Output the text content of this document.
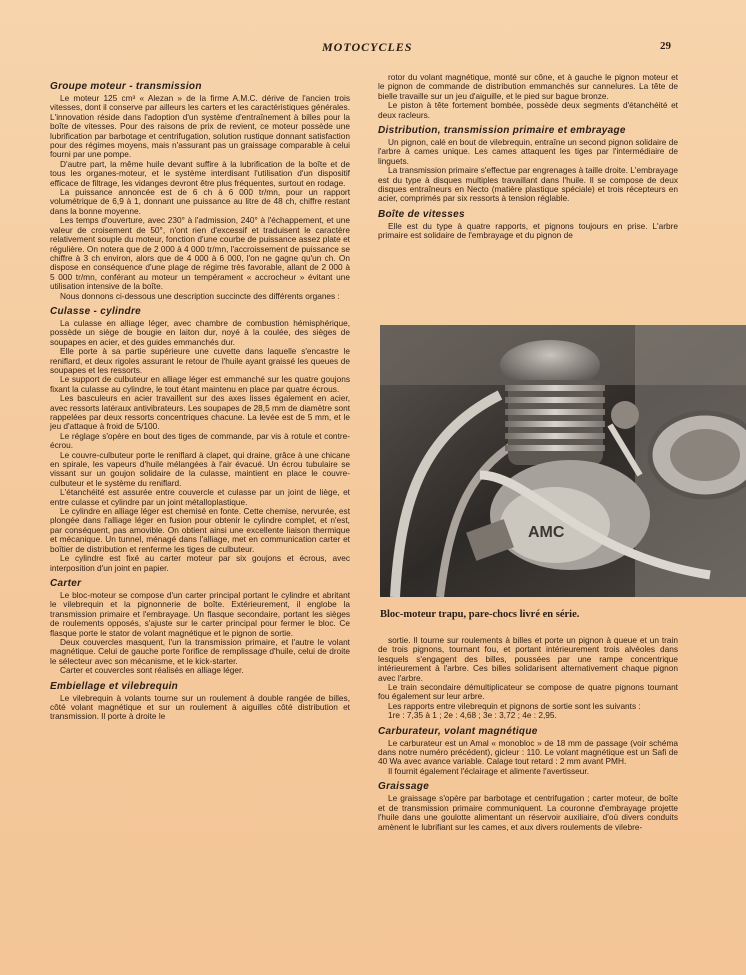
MOTOCYCLES	29
Groupe moteur - transmission

Le moteur 125 cm³ « Alezan » de la firme A.M.C. dérive de l'ancien trois vitesses, dont il conserve par ailleurs les carters et les caractéristiques générales. L'innovation réside dans l'adoption d'un système d'entraînement à billes pour la boîte de vitesses. Pour des raisons de prix de revient, ce moteur possède une lubrification par barbotage et centrifugation, solution rustique donnant satisfaction pour des régimes moyens, mais n'assurant pas un graissage comparable à celui fourni par une pompe.

D'autre part, la même huile devant suffire à la lubrification de la boîte et de tous les organes-moteur, et le système interdisant l'utilisation d'un dispositif efficace de filtrage, les vidanges devront être plus fréquentes, surtout en rodage.

La puissance annoncée est de 6 ch à 6 000 tr/mn, pour un rapport volumétrique de 6,9 à 1, donnant une puissance au litre de 48 ch, chiffre restant dans la bonne moyenne.

Les temps d'ouverture, avec 230° à l'admission, 240° à l'échappement, et une valeur de croisement de 50°, n'ont rien d'excessif et traduisent le caractère relativement souple du moteur, fonction d'une courbe de puissance assez plate et régulière. On notera que de 2 000 à 4 000 tr/mn, l'accroissement de puissance se chiffre à 3 ch environ, alors que de 4 000 à 6 000, l'on ne gagne qu'un ch. On dispose en conséquence d'une plage de régime très favorable, allant de 2 000 à 5 000 tr/mn, conférant au moteur un tempérament « accrocheur » évitant une utilisation intensive de la boîte.

Nous donnons ci-dessous une description succincte des différents organes :

Culasse - cylindre

La culasse en alliage léger, avec chambre de combustion hémisphérique, possède un siège de bougie en laiton dur, noyé à la coulée, des sièges de soupapes en acier, et des guides emmanchés dur.

Elle porte à sa partie supérieure une cuvette dans laquelle s'encastre le reniflard, et deux rigoles assurant le retour de l'huile ayant graissé les queues de soupapes et les ressorts.

Le support de culbuteur en alliage léger est emmanché sur les quatre goujons fixant la culasse au cylindre, le tout étant maintenu en place par quatre écrous.

Les basculeurs en acier travaillent sur des axes lisses également en acier, avec ressorts latéraux antivibrateurs. Les soupapes de 28,5 mm de diamètre sont rappelées par deux ressorts concentriques chacune. La levée est de 5 mm, et le jeu d'attaque à froid de 5/100.

Le réglage s'opère en bout des tiges de commande, par vis à rotule et contre-écrou.

Le couvre-culbuteur porte le reniflard à clapet, qui draine, grâce à une chicane en spirale, les vapeurs d'huile mélangées à l'air évacué. Un écrou tubulaire se vissant sur un goujon solidaire de la culasse, maintient en place le couvre-culbuteur et le système du reniflard.

L'étanchéité est assurée entre couvercle et culasse par un joint de liège, et entre culasse et cylindre par un joint métalloplastique.

Le cylindre en alliage léger est chemisé en fonte. Cette chemise, nervurée, est plongée dans l'alliage léger en fusion pour obtenir le cylindre complet, et n'est, par conséquent, pas amovible. On obtient ainsi une excellente liaison thermique et mécanique. Un tunnel, ménagé dans l'alliage, met en communication carter et boîtier de distribution et renferme les tiges de culbuteur.

Le cylindre est fixé au carter moteur par six goujons et écrous, avec interposition d'un joint en papier.

Carter

Le bloc-moteur se compose d'un carter principal portant le cylindre et abritant le vilebrequin et la pignonnerie de boîte. Extérieurement, il englobe la transmission primaire et l'embrayage. Un flasque secondaire, portant les sièges de roulements opposés, s'ajuste sur le carter principal pour fermer le bloc. Ce flasque porte le stator de volant magnétique et le pignon de sortie.

Deux couvercles masquent, l'un la transmission primaire, et l'autre le volant magnétique. Celui de gauche porte l'orifice de remplissage d'huile, celui de droite le sélecteur avec son mécanisme, et le kick-starter.

Carter et couvercles sont réalisés en alliage léger.

Embiellage et vilebrequin

Le vilebrequin à volants tourne sur un roulement à double rangée de billes, côté volant magnétique et sur un roulement à aiguilles côté distribution et transmission. Il porte à droite le

rotor du volant magnétique, monté sur cône, et à gauche le pignon moteur et le pignon de commande de distribution emmanchés sur cannelures. La tête de bielle travaille sur un jeu d'aiguille, et le pied sur bague bronze.

Le piston à tête fortement bombée, possède deux segments d'étanchéité et deux racleurs.

Distribution, transmission primaire et embrayage

Un pignon, calé en bout de vilebrequin, entraîne un second pignon solidaire de l'arbre à cames unique. Les cames attaquent les tiges par l'intermédiaire de linguets.

La transmission primaire s'effectue par engrenages à taille droite. L'embrayage est du type à disques multiples travaillant dans l'huile. Il se compose de deux disques entraîneurs en Necto (matière plastique spéciale) et trois récepteurs en acier, comprimés par six ressorts à tension réglable.

Boîte de vitesses

Elle est du type à quatre rapports, et pignons toujours en prise. L'arbre primaire est solidaire de l'embrayage et du pignon de

AMC
Bloc-moteur trapu, pare-chocs livré en série.

sortie. Il tourne sur roulements à billes et porte un pignon à queue et un train de trois pignons, tournant fou, et portant intérieurement trois alvéoles dans lesquels s'engagent des billes, poussées par une rampe concentrique intérieurement à l'arbre. Ces billes solidarisent alternativement chaque pignon avec l'arbre.

Le train secondaire démultiplicateur se compose de quatre pignons tournant fou également sur leur arbre.

Les rapports entre vilebrequin et pignons de sortie sont les suivants :

1re : 7,35 à 1 ; 2e : 4,68 ; 3e : 3,72 ; 4e : 2,95.

Carburateur, volant magnétique

Le carburateur est un Amal « monobloc » de 18 mm de passage (voir schéma dans notre numéro précédent), gicleur : 110. Le volant magnétique est un Safi de 40 Wa avec avance variable. Calage tout retard : 2 mm avant PMH.

Il fournit également l'éclairage et alimente l'avertisseur.

Graissage

Le graissage s'opère par barbotage et centrifugation ; carter moteur, de boîte et de transmission primaire communiquent. La couronne d'embrayage projette l'huile dans une goulotte alimentant un réservoir auxiliaire, d'où divers conduits amènent le lubrifiant sur les cames, et aux divers roulements de vilebre-
